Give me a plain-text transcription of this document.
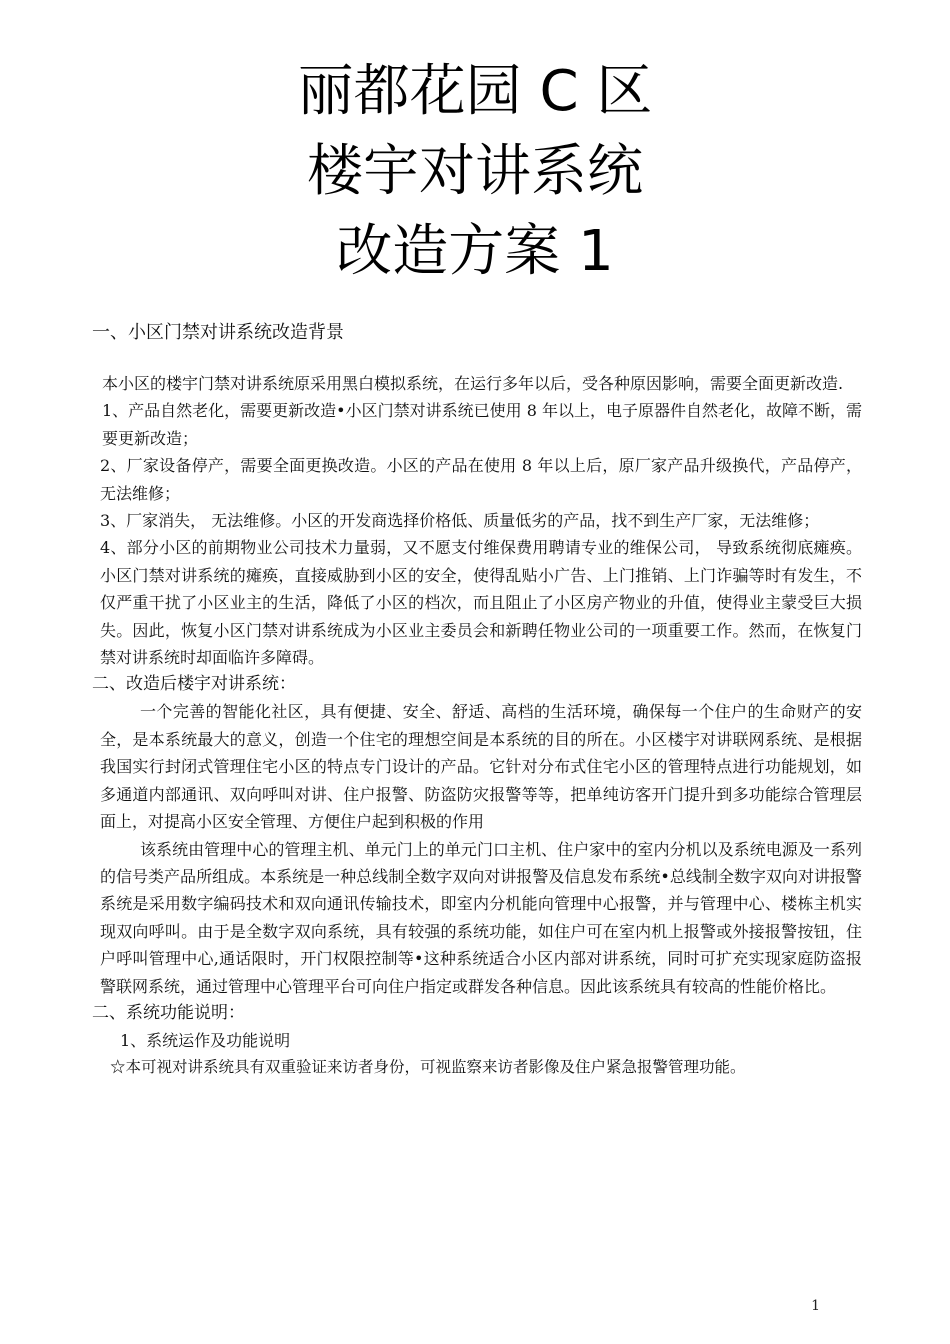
丽都花园 C 区
楼宇对讲系统
改造方案 1
一、小区门禁对讲系统改造背景

本小区的楼宇门禁对讲系统原采用黑白模拟系统，在运行多年以后，受各种原因影响，需要全面更新改造.

1、产品自然老化，需要更新改造•小区门禁对讲系统已使用 8 年以上，电子原器件自然老化，故障不断，需要更新改造；

2、厂家设备停产，需要全面更换改造。小区的产品在使用 8 年以上后，原厂家产品升级换代，产品停产，无法维修；

3、厂家消失， 无法维修。小区的开发商选择价格低、质量低劣的产品，找不到生产厂家，无法维修；

4、部分小区的前期物业公司技术力量弱，又不愿支付维保费用聘请专业的维保公司， 导致系统彻底瘫痪。小区门禁对讲系统的瘫痪，直接威胁到小区的安全，使得乱贴小广告、上门推销、上门诈骗等时有发生，不仅严重干扰了小区业主的生活，降低了小区的档次，而且阻止了小区房产物业的升值，使得业主蒙受巨大损失。因此，恢复小区门禁对讲系统成为小区业主委员会和新聘任物业公司的一项重要工作。然而，在恢复门禁对讲系统时却面临许多障碍。

二、改造后楼宇对讲系统：

一个完善的智能化社区，具有便捷、安全、舒适、高档的生活环境，确保每一个住户的生命财产的安全，是本系统最大的意义，创造一个住宅的理想空间是本系统的目的所在。小区楼宇对讲联网系统、是根据我国实行封闭式管理住宅小区的特点专门设计的产品。它针对分布式住宅小区的管理特点进行功能规划，如多通道内部通讯、双向呼叫对讲、住户报警、防盗防灾报警等等，把单纯访客开门提升到多功能综合管理层面上，对提高小区安全管理、方便住户起到积极的作用

该系统由管理中心的管理主机、单元门上的单元门口主机、住户家中的室内分机以及系统电源及一系列的信号类产品所组成。本系统是一种总线制全数字双向对讲报警及信息发布系统•总线制全数字双向对讲报警系统是采用数字编码技术和双向通讯传输技术，即室内分机能向管理中心报警，并与管理中心、楼栋主机实现双向呼叫。由于是全数字双向系统，具有较强的系统功能，如住户可在室内机上报警或外接报警按钮，住户呼叫管理中心,通话限时，开门权限控制等•这种系统适合小区内部对讲系统，同时可扩充实现家庭防盗报警联网系统，通过管理中心管理平台可向住户指定或群发各种信息。因此该系统具有较高的性能价格比。

二、系统功能说明：

1、系统运作及功能说明

☆本可视对讲系统具有双重验证来访者身份，可视监察来访者影像及住户紧急报警管理功能。

1
